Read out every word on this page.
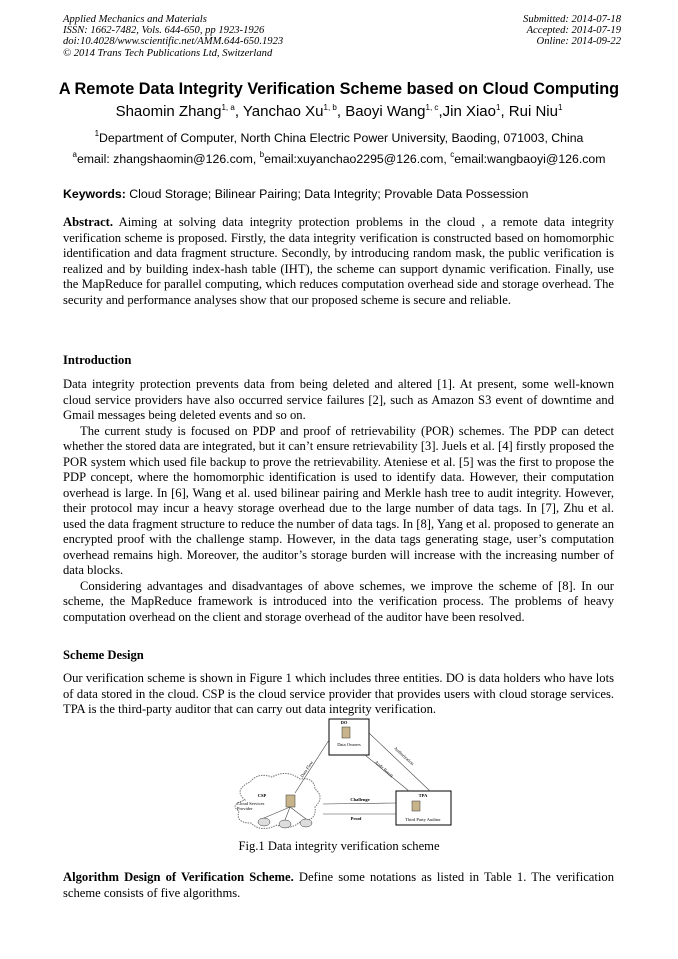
Applied Mechanics and Materials
ISSN: 1662-7482, Vols. 644-650, pp 1923-1926
doi:10.4028/www.scientific.net/AMM.644-650.1923
© 2014 Trans Tech Publications Ltd, Switzerland
Submitted: 2014-07-18
Accepted: 2014-07-19
Online: 2014-09-22
A Remote Data Integrity Verification Scheme based on Cloud Computing
Shaomin Zhang$^{1, a}$, Yanchao Xu$^{1, b}$, Baoyi Wang$^{1, c}$,Jin Xiao$^1$, Rui Niu$^1$
$^1$Department of Computer, North China Electric Power University, Baoding, 071003, China
$^a$email: zhangshaomin@126.com, $^b$email:xuyanchao2295@126.com, $^c$email:wangbaoyi@126.com
Keywords: Cloud Storage; Bilinear Pairing; Data Integrity; Provable Data Possession

Abstract. Aiming at solving data integrity protection problems in the cloud , a remote data integrity verification scheme is proposed. Firstly, the data integrity verification is constructed based on homomorphic identification and data fragment structure. Secondly, by introducing random mask, the public verification is realized and by building index-hash table (IHT), the scheme can support dynamic verification. Finally, use the MapReduce for parallel computing, which reduces computation overhead side and storage overhead. The security and performance analyses show that our proposed scheme is secure and reliable.

Introduction

Data integrity protection prevents data from being deleted and altered [1]. At present, some well-known cloud service providers have also occurred service failures [2], such as Amazon S3 event of downtime and Gmail messages being deleted events and so on.

The current study is focused on PDP and proof of retrievability (POR) schemes. The PDP can detect whether the stored data are integrated, but it can’t ensure retrievability [3]. Juels et al. [4] firstly proposed the POR system which used file backup to prove the retrievability. Ateniese et al. [5] was the first to propose the PDP concept, where the homomorphic identification is used to identify data. However, their computation overhead is large. In [6], Wang et al. used bilinear pairing and Merkle hash tree to audit integrity. However, their protocol may incur a heavy storage overhead due to the large number of data tags. In [7], Zhu et al. used the data fragment structure to reduce the number of data tags. In [8], Yang et al. proposed to generate an encrypted proof with the challenge stamp. However, in the data tags generating stage, user’s computation overhead remains high. Moreover, the auditor’s storage burden will increase with the increasing number of data blocks.

Considering advantages and disadvantages of above schemes, we improve the scheme of [8]. In our scheme, the MapReduce framework is introduced into the verification process. The problems of heavy computation overhead on the client and storage overhead of the auditor have been resolved.

Scheme Design

Our verification scheme is shown in Figure 1 which includes three entities. DO is data holders who have lots of data stored in the cloud. CSP is the cloud service provider that provides users with cloud storage services. TPA is the third-party auditor that can carry out data integrity verification.

DO
Data Owners
CSP
Cloud Services
Provider
TPA
Third Party Auditor
Challenge
Proof
Data Flow
Authorization
Audit Result
Fig.1 Data integrity verification scheme

Algorithm Design of Verification Scheme. Define some notations as listed in Table 1. The verification scheme consists of five algorithms.
